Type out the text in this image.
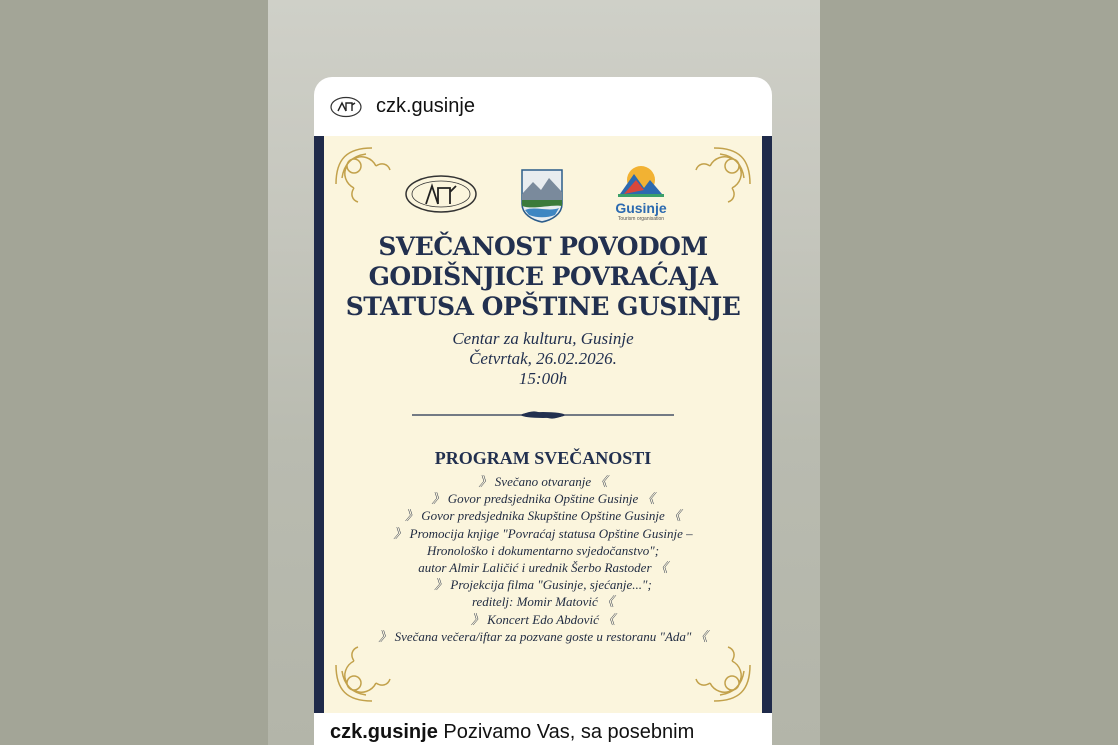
czk.gusinje
Gusinje
Tourism organisation
SVEČANOST POVODOM
GODIŠNJICE POVRAĆAJA
STATUSA OPŠTINE GUSINJE
Centar za kulturu, Gusinje
Četvrtak, 26.02.2026.
15:00h
PROGRAM SVEČANOSTI
》 Svečano otvaranje 《
》 Govor predsjednika Opštine Gusinje 《
》 Govor predsjednika Skupštine Opštine Gusinje 《
》 Promocija knjige "Povraćaj statusa Opštine Gusinje –
Hronološko i dokumentarno svjedočanstvo";
autor Almir Laličić i urednik Šerbo Rastoder 《
》 Projekcija filma "Gusinje, sjećanje...";
reditelj: Momir Matović 《
》 Koncert Edo Abdović 《
》 Svečana večera/iftar za pozvane goste u restoranu "Ada" 《
czk.gusinje Pozivamo Vas, sa posebnim
